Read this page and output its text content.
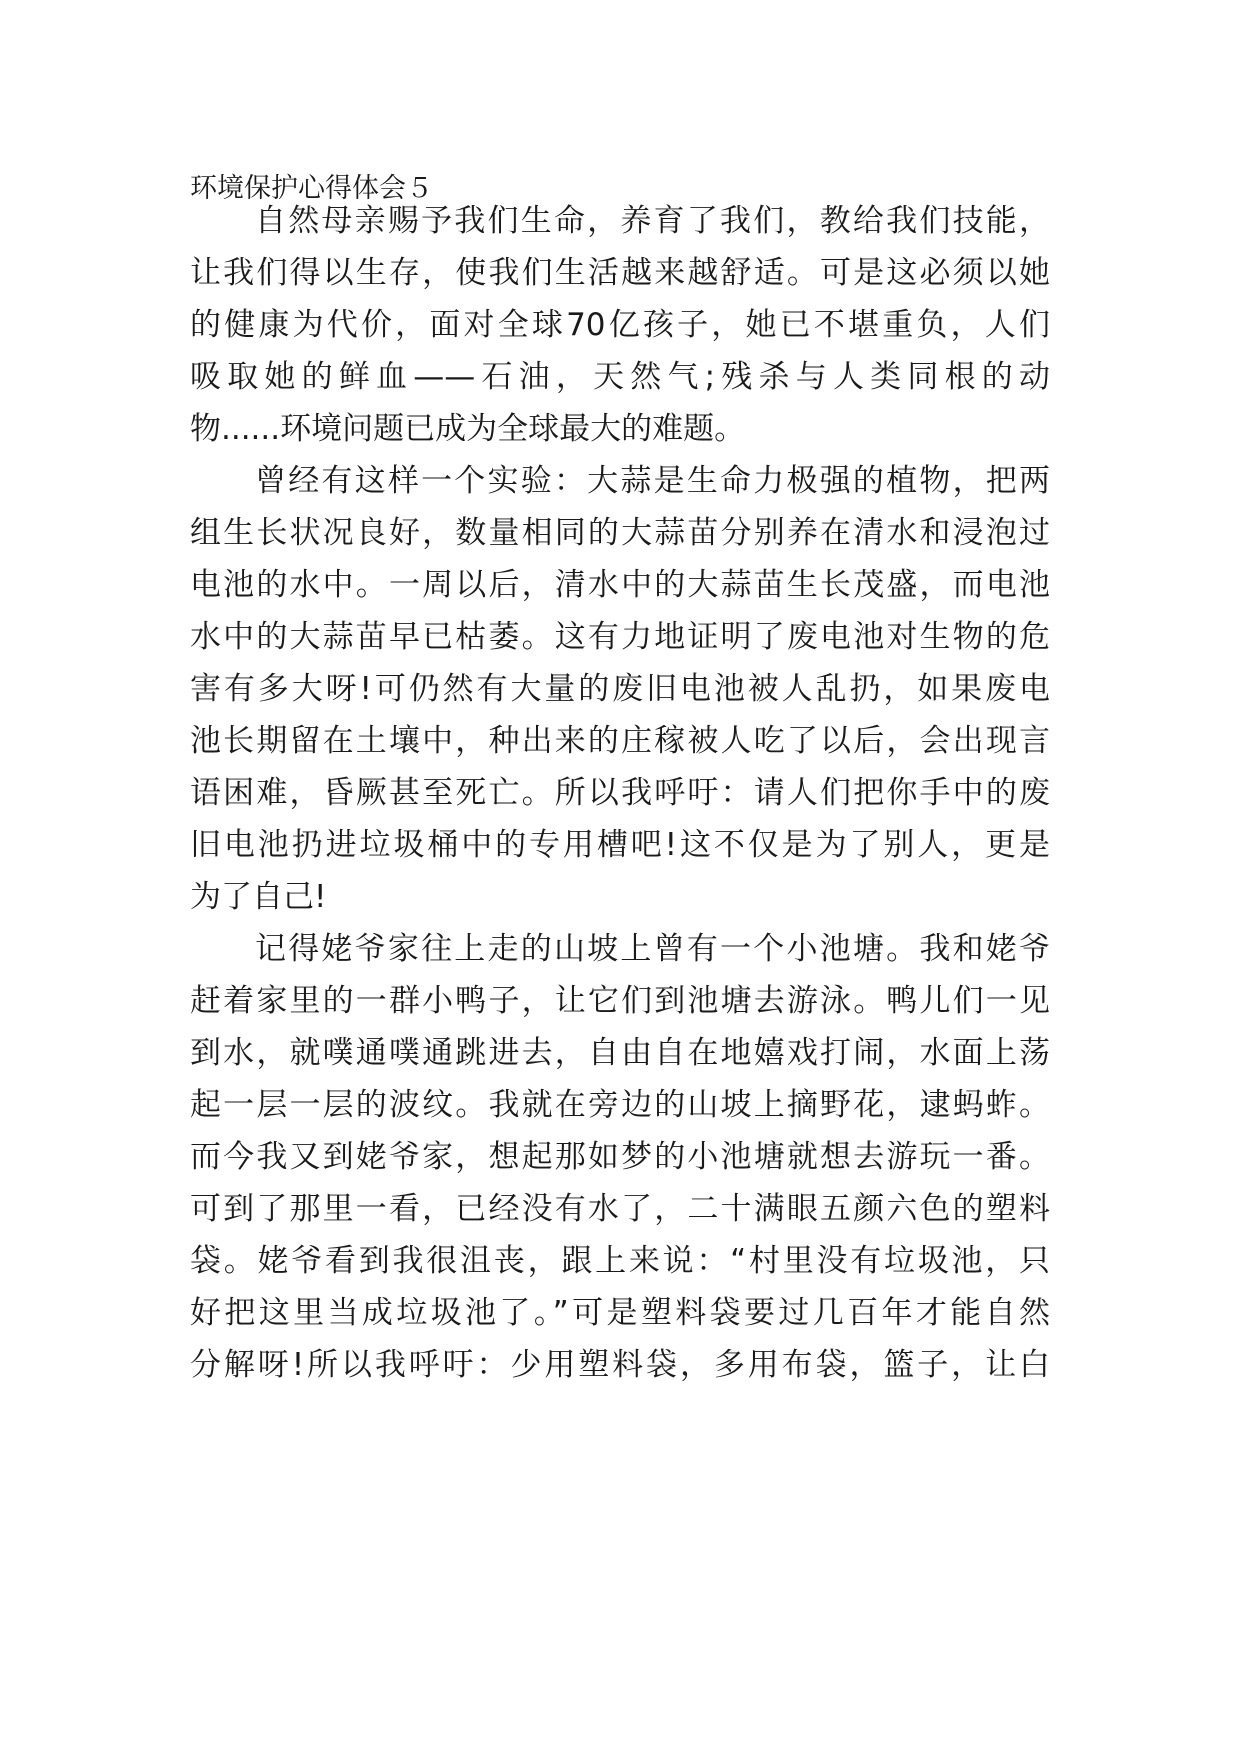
环境保护心得体会５
自然母亲赐予我们生命，养育了我们，教给我们技能，
让我们得以生存，使我们生活越来越舒适。可是这必须以她
的健康为代价，面对全球70亿孩子，她已不堪重负，人们
吸取她的鲜血——石油，天然气;残杀与人类同根的动
物......环境问题已成为全球最大的难题。
曾经有这样一个实验：大蒜是生命力极强的植物，把两
组生长状况良好，数量相同的大蒜苗分别养在清水和浸泡过
电池的水中。一周以后，清水中的大蒜苗生长茂盛，而电池
水中的大蒜苗早已枯萎。这有力地证明了废电池对生物的危
害有多大呀!可仍然有大量的废旧电池被人乱扔，如果废电
池长期留在土壤中，种出来的庄稼被人吃了以后，会出现言
语困难，昏厥甚至死亡。所以我呼吁：请人们把你手中的废
旧电池扔进垃圾桶中的专用槽吧!这不仅是为了别人，更是
为了自己!
记得姥爷家往上走的山坡上曾有一个小池塘。我和姥爷
赶着家里的一群小鸭子，让它们到池塘去游泳。鸭儿们一见
到水，就噗通噗通跳进去，自由自在地嬉戏打闹，水面上荡
起一层一层的波纹。我就在旁边的山坡上摘野花，逮蚂蚱。
而今我又到姥爷家，想起那如梦的小池塘就想去游玩一番。
可到了那里一看，已经没有水了，二十满眼五颜六色的塑料
袋。姥爷看到我很沮丧，跟上来说：“村里没有垃圾池，只
好把这里当成垃圾池了。”可是塑料袋要过几百年才能自然
分解呀!所以我呼吁：少用塑料袋，多用布袋，篮子，让白
